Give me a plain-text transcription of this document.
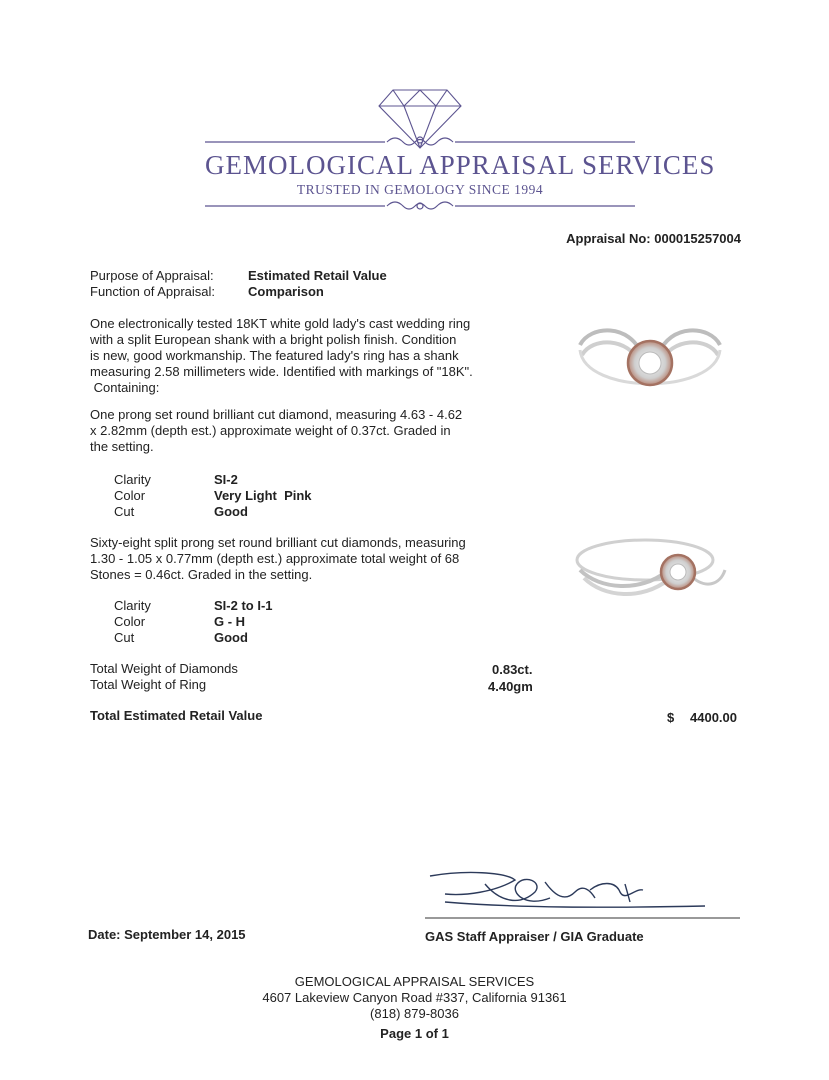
GEMOLOGICAL APPRAISAL SERVICES
TRUSTED IN GEMOLOGY SINCE 1994
Appraisal No: 000015257004
Purpose of Appraisal:	Estimated Retail Value
Function of Appraisal:	Comparison
One electronically tested 18KT white gold lady's cast wedding ring
with a split European shank with a bright polish finish. Condition
is new, good workmanship. The featured lady's ring has a shank
measuring 2.58 millimeters wide. Identified with markings of "18K".
Containing:
One prong set round brilliant cut diamond, measuring 4.63 - 4.62
x 2.82mm (depth est.) approximate weight of 0.37ct. Graded in
the setting.
Clarity	SI-2
Color	Very Light  Pink
Cut	Good
Sixty-eight split prong set round brilliant cut diamonds, measuring
1.30 - 1.05 x 0.77mm (depth est.) approximate total weight of 68
Stones = 0.46ct. Graded in the setting.
Clarity	SI-2 to I-1
Color	G - H
Cut	Good
Total Weight of Diamonds	0.83ct.
Total Weight of Ring	4.40gm
Total Estimated Retail Value	$ 4400.00
Date: September 14, 2015	GAS Staff Appraiser / GIA Graduate
GEMOLOGICAL APPRAISAL SERVICES
4607 Lakeview Canyon Road #337, California 91361
(818) 879-8036
Page 1 of 1
